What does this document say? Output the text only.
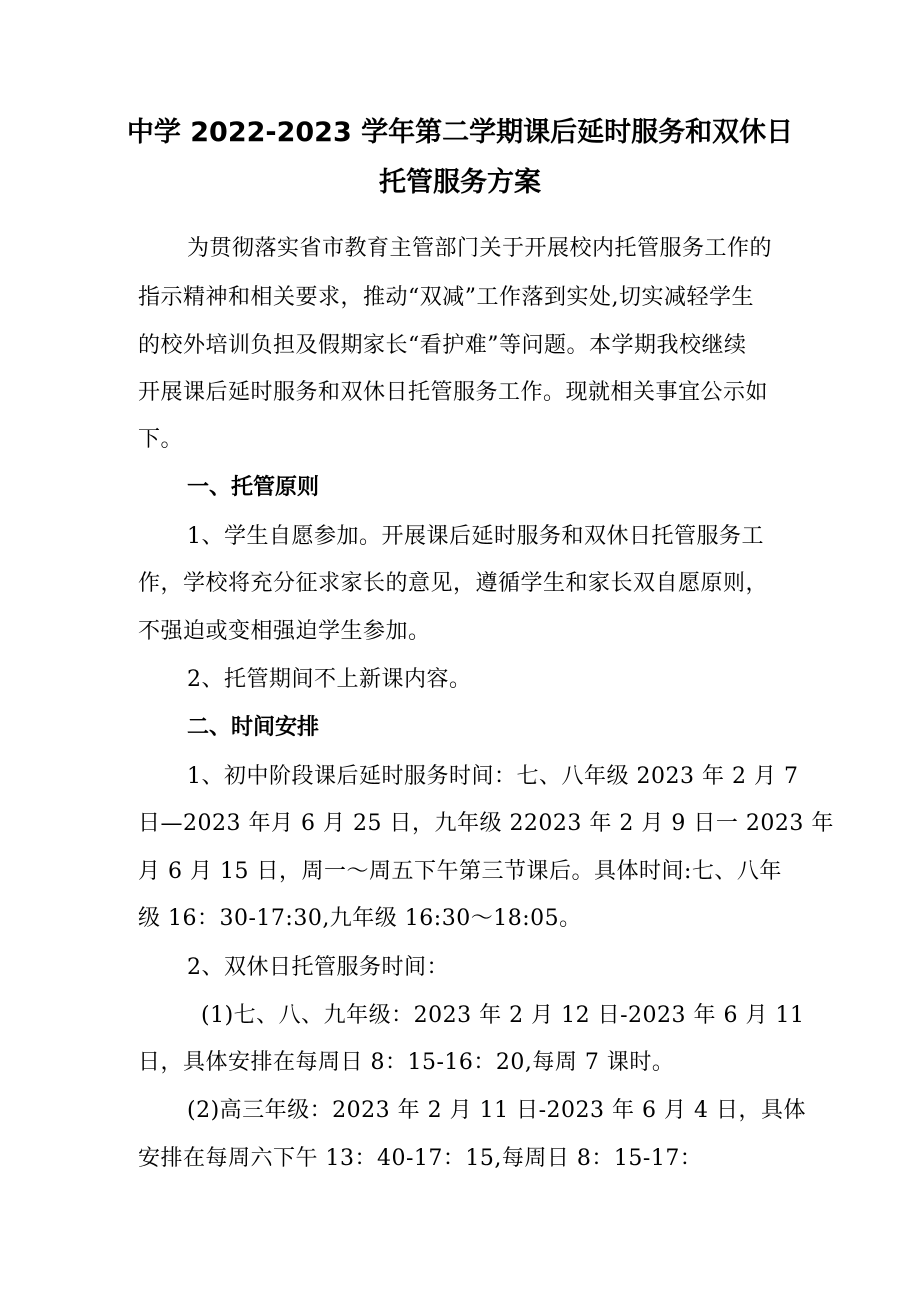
中学 2022-2023 学年第二学期课后延时服务和双休日
托管服务方案
为贯彻落实省市教育主管部门关于开展校内托管服务工作的
指示精神和相关要求，推动“双减”工作落到实处,切实减轻学生
的校外培训负担及假期家长“看护难”等问题。本学期我校继续
开展课后延时服务和双休日托管服务工作。现就相关事宜公示如
下。
一、托管原则
1、学生自愿参加。开展课后延时服务和双休日托管服务工
作，学校将充分征求家长的意见，遵循学生和家长双自愿原则，
不强迫或变相强迫学生参加。
2、托管期间不上新课内容。
二、时间安排
1、初中阶段课后延时服务时间：七、八年级 2023 年 2 月 7
日—2023 年月 6 月 25 日，九年级 22023 年 2 月 9 日一 2023 年
月 6 月 15 日，周一～周五下午第三节课后。具体时间:七、八年
级 16：30-17:30,九年级 16:30～18:05。
2、双休日托管服务时间：
(1)七、八、九年级：2023 年 2 月 12 日-2023 年 6 月 11
日，具体安排在每周日 8：15-16：20,每周 7 课时。
(2)高三年级：2023 年 2 月 11 日-2023 年 6 月 4 日，具体
安排在每周六下午 13：40-17：15,每周日 8：15-17：
